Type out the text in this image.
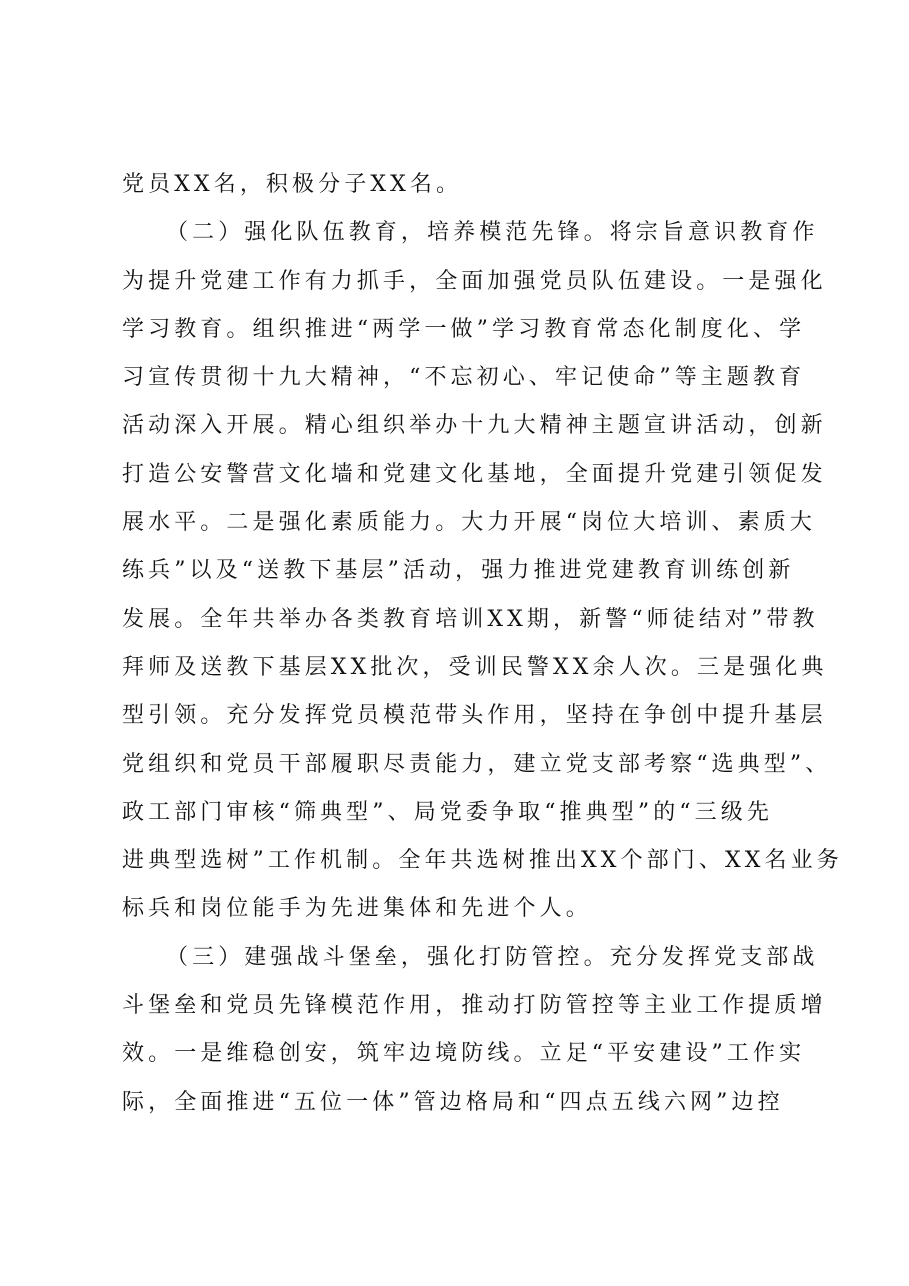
党员XX名，积极分子XX名。
（二）强化队伍教育，培养模范先锋。将宗旨意识教育作
为提升党建工作有力抓手，全面加强党员队伍建设。一是强化
学习教育。组织推进“两学一做”学习教育常态化制度化、学
习宣传贯彻十九大精神，“不忘初心、牢记使命”等主题教育
活动深入开展。精心组织举办十九大精神主题宣讲活动，创新
打造公安警营文化墙和党建文化基地，全面提升党建引领促发
展水平。二是强化素质能力。大力开展“岗位大培训、素质大
练兵”以及“送教下基层”活动，强力推进党建教育训练创新
发展。全年共举办各类教育培训XX期，新警“师徒结对”带教
拜师及送教下基层XX批次，受训民警XX余人次。三是强化典
型引领。充分发挥党员模范带头作用，坚持在争创中提升基层
党组织和党员干部履职尽责能力，建立党支部考察“选典型”、
政工部门审核“筛典型”、局党委争取“推典型”的“三级先
进典型选树”工作机制。全年共选树推出XX个部门、XX名业务
标兵和岗位能手为先进集体和先进个人。
（三）建强战斗堡垒，强化打防管控。充分发挥党支部战
斗堡垒和党员先锋模范作用，推动打防管控等主业工作提质增
效。一是维稳创安，筑牢边境防线。立足“平安建设”工作实
际，全面推进“五位一体”管边格局和“四点五线六网”边控
